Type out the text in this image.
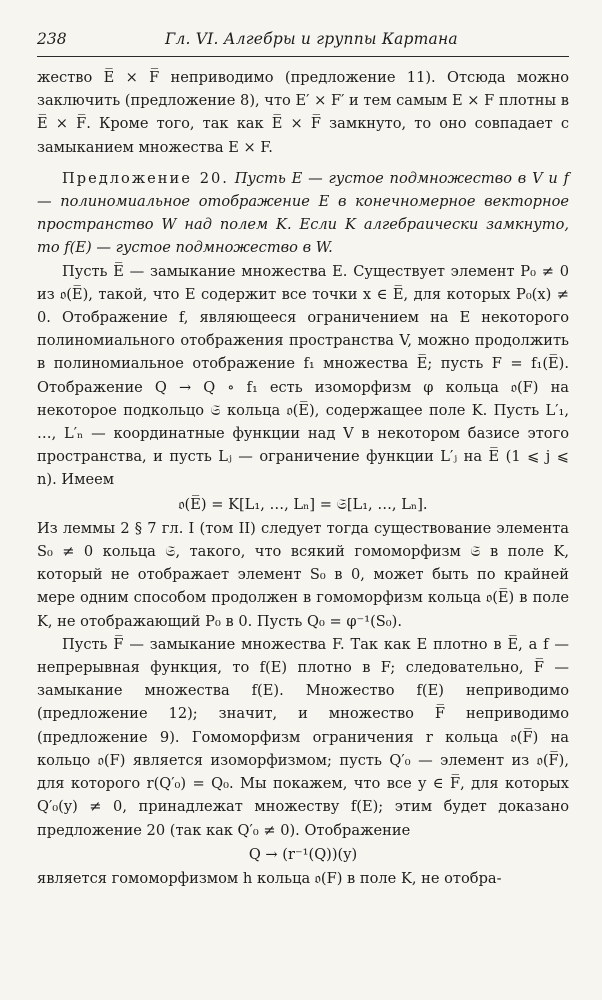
238	Гл. VI. Алгебры и группы Картана

жество E̅ × F̅ неприводимо (предложение 11). Отсюда можно заключить (предложение 8), что E′ × F′ и тем самым E × F плотны в E̅ × F̅. Кроме того, так как E̅ × F̅ замкнуто, то оно совпадает с замыканием множества E × F.

Предложение 20. Пусть E — густое подмножество в V и f — полиномиальное отображение E в конечномерное векторное пространство W над полем K. Если K алгебраически замкнуто, то f(E) — густое подмножество в W.

Пусть E̅ — замыкание множества E. Существует элемент P₀ ≠ 0 из 𝔬(E̅), такой, что E содержит все точки x ∈ E̅, для которых P₀(x) ≠ 0. Отображение f, являющееся ограничением на E некоторого полиномиального отображения пространства V, можно продолжить в полиномиальное отображение f₁ множества E̅; пусть F = f₁(E̅). Отображение Q → Q ∘ f₁ есть изоморфизм φ кольца 𝔬(F) на некоторое подкольцо 𝔖 кольца 𝔬(E̅), содержащее поле K. Пусть L′₁, …, L′ₙ — координатные функции над V в некотором базисе этого пространства, и пусть Lⱼ — ограничение функции L′ⱼ на E̅ (1 ⩽ j ⩽ n). Имеем

𝔬(E̅) = K[L₁, …, Lₙ] = 𝔖[L₁, …, Lₙ].

Из леммы 2 § 7 гл. I (том II) следует тогда существование элемента S₀ ≠ 0 кольца 𝔖, такого, что всякий гомоморфизм 𝔖 в поле K, который не отображает элемент S₀ в 0, может быть по крайней мере одним способом продолжен в гомоморфизм кольца 𝔬(E̅) в поле K, не отображающий P₀ в 0. Пусть Q₀ = φ⁻¹(S₀).

Пусть F̅ — замыкание множества F. Так как E плотно в E̅, а f — непрерывная функция, то f(E) плотно в F; следовательно, F̅ — замыкание множества f(E). Множество f(E) неприводимо (предложение 12); значит, и множество F̅ неприводимо (предложение 9). Гомоморфизм ограничения r кольца 𝔬(F̅) на кольцо 𝔬(F) является изоморфизмом; пусть Q′₀ — элемент из 𝔬(F̅), для которого r(Q′₀) = Q₀. Мы покажем, что все y ∈ F̅, для которых Q′₀(y) ≠ 0, принадлежат множеству f(E); этим будет доказано предложение 20 (так как Q′₀ ≠ 0). Отображение

Q → (r⁻¹(Q))(y)

является гомоморфизмом h кольца 𝔬(F) в поле K, не отобра-
